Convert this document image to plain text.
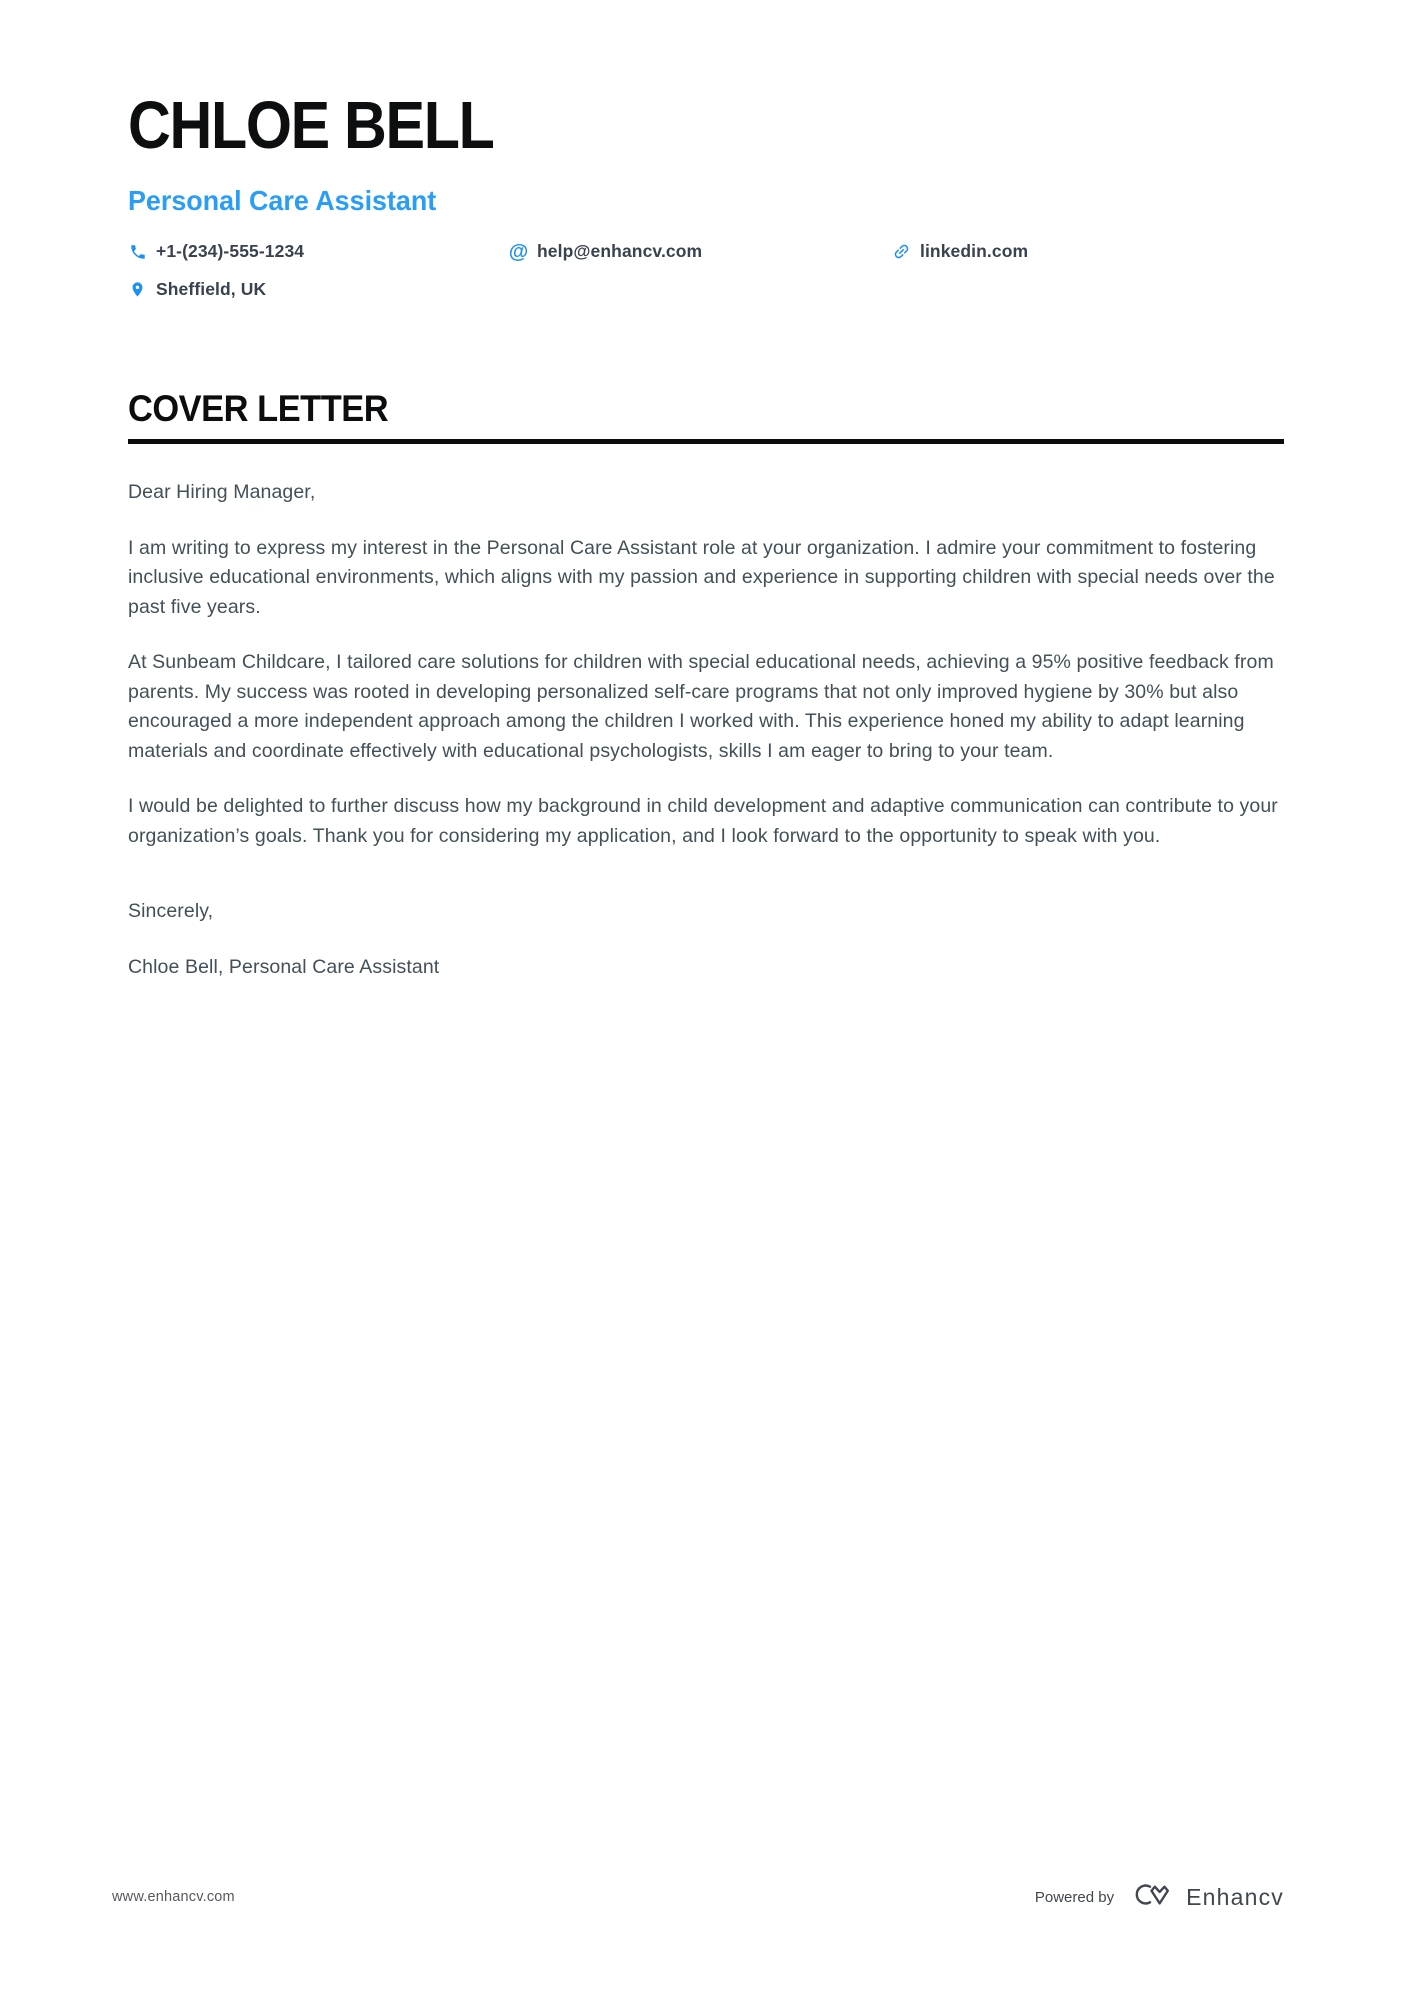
CHLOE BELL
Personal Care Assistant
+1-(234)-555-1234	@ help@enhancv.com	linkedin.com
Sheffield, UK
COVER LETTER

Dear Hiring Manager,

I am writing to express my interest in the Personal Care Assistant role at your organization. I admire your commitment to fostering inclusive educational environments, which aligns with my passion and experience in supporting children with special needs over the past five years.

At Sunbeam Childcare, I tailored care solutions for children with special educational needs, achieving a 95% positive feedback from parents. My success was rooted in developing personalized self-care programs that not only improved hygiene by 30% but also encouraged a more independent approach among the children I worked with. This experience honed my ability to adapt learning materials and coordinate effectively with educational psychologists, skills I am eager to bring to your team.

I would be delighted to further discuss how my background in child development and adaptive communication can contribute to your organization’s goals. Thank you for considering my application, and I look forward to the opportunity to speak with you.

Sincerely,

Chloe Bell, Personal Care Assistant

www.enhancv.com	Powered by	Enhancv
